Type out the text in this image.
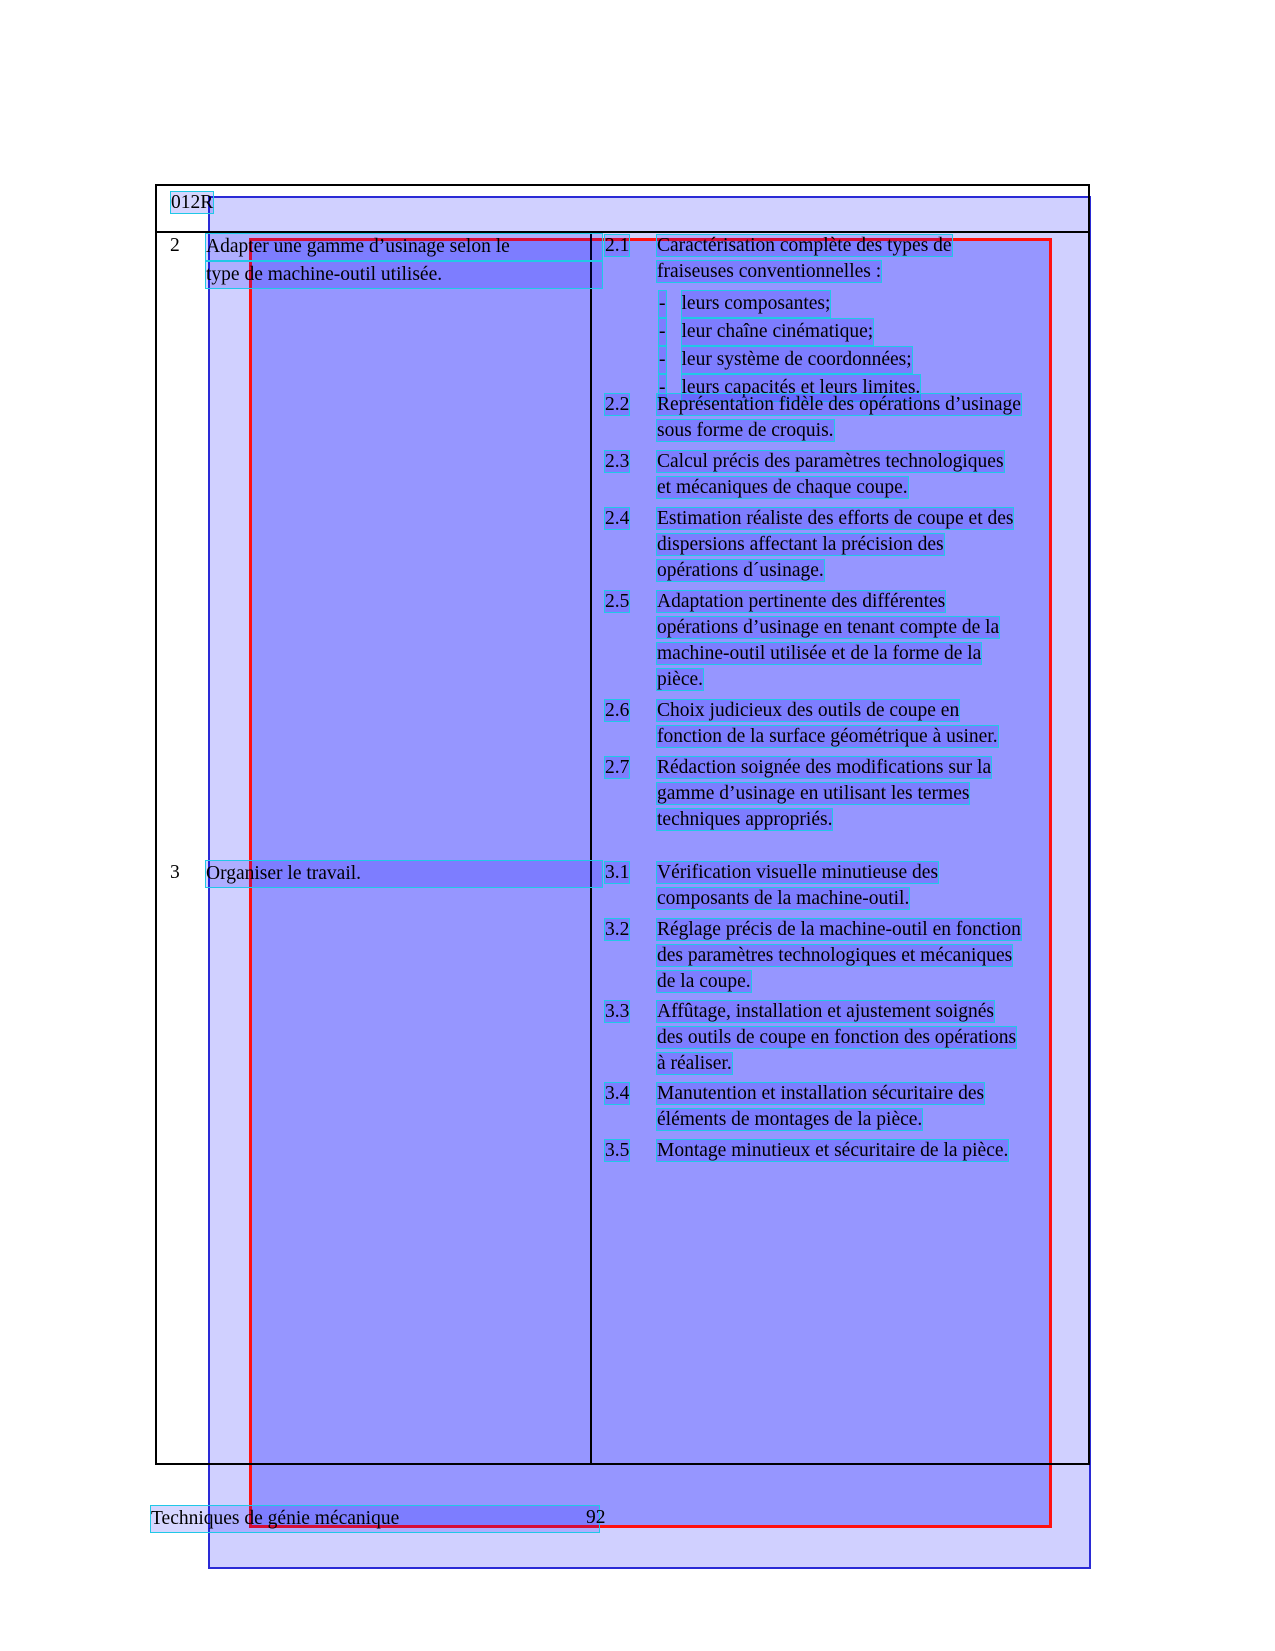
012R
2 Adapter une gamme d’usinage selon le
type de machine-outil utilisée.
2.1 Caractérisation complète des types de
fraiseuses conventionnelles :
- leurs composantes;
- leur chaîne cinématique;
- leur système de coordonnées;
- leurs capacités et leurs limites.
2.2 Représentation fidèle des opérations d’usinage
sous forme de croquis.
2.3 Calcul précis des paramètres technologiques
et mécaniques de chaque coupe.
2.4 Estimation réaliste des efforts de coupe et des
dispersions affectant la précision des
opérations d´usinage.
2.5 Adaptation pertinente des différentes
opérations d’usinage en tenant compte de la
machine-outil utilisée et de la forme de la
pièce.
2.6 Choix judicieux des outils de coupe en
fonction de la surface géométrique à usiner.
2.7 Rédaction soignée des modifications sur la
gamme d’usinage en utilisant les termes
techniques appropriés.
3 Organiser le travail.	3.1 Vérification visuelle minutieuse des
composants de la machine-outil.
3.2 Réglage précis de la machine-outil en fonction
des paramètres technologiques et mécaniques
de la coupe.
3.3 Affûtage, installation et ajustement soignés
des outils de coupe en fonction des opérations
à réaliser.
3.4 Manutention et installation sécuritaire des
éléments de montages de la pièce.
3.5 Montage minutieux et sécuritaire de la pièce.
Techniques de génie mécanique	92
